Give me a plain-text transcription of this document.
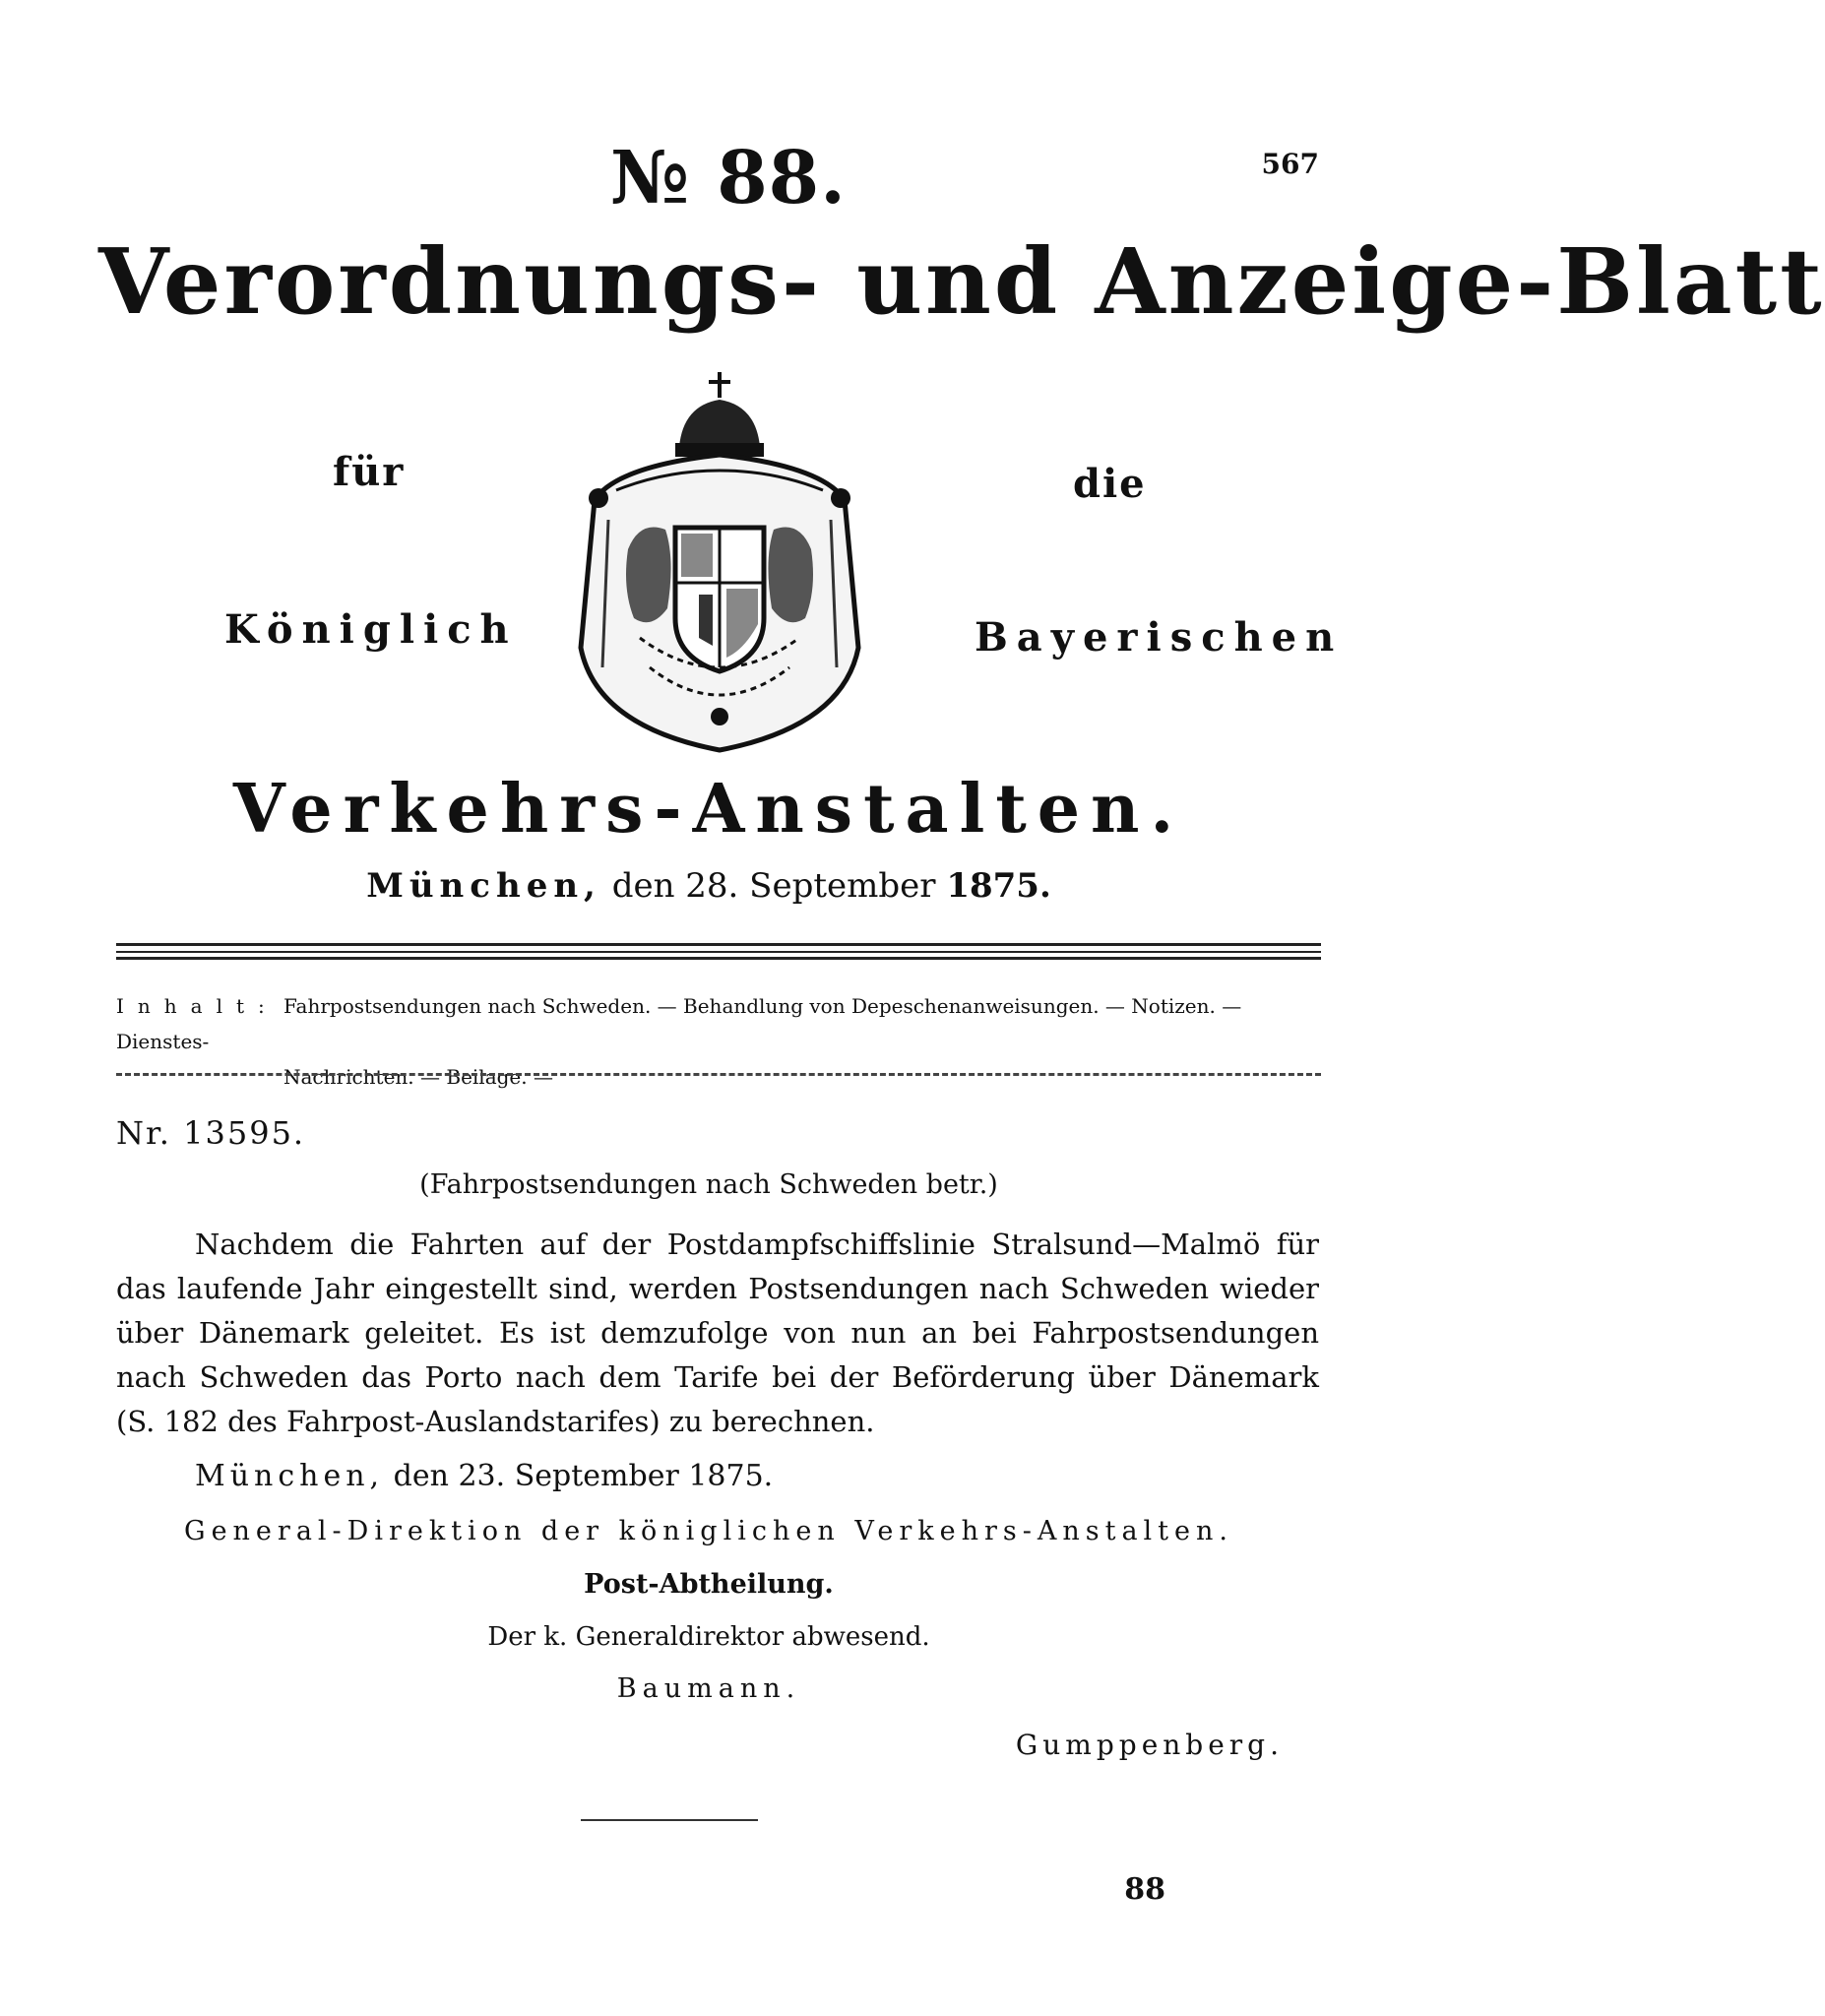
№ 88.	567
Verordnungs- und Anzeige-Blatt
für	die
Königlich	Bayerischen
Verkehrs-Anstalten.
München, den 28. September 1875.
Inhalt: Fahrpostsendungen nach Schweden. — Behandlung von Depeschenanweisungen. — Notizen. — Dienstes-
Nachrichten. — Beilage. —
Nr. 13595.
(Fahrpostsendungen nach Schweden betr.)
Nachdem die Fahrten auf der Postdampfschiffslinie Stralsund—Malmö für das laufende Jahr eingestellt sind, werden Postsendungen nach Schweden wieder über Dänemark geleitet. Es ist demzufolge von nun an bei Fahrpostsendungen nach Schweden das Porto nach dem Tarife bei der Beförderung über Dänemark (S. 182 des Fahrpost-Auslandstarifes) zu berechnen.
München, den 23. September 1875.
General-Direktion der königlichen Verkehrs-Anstalten.
Post-Abtheilung.
Der k. Generaldirektor abwesend.
Baumann.
Gumppenberg.
88
